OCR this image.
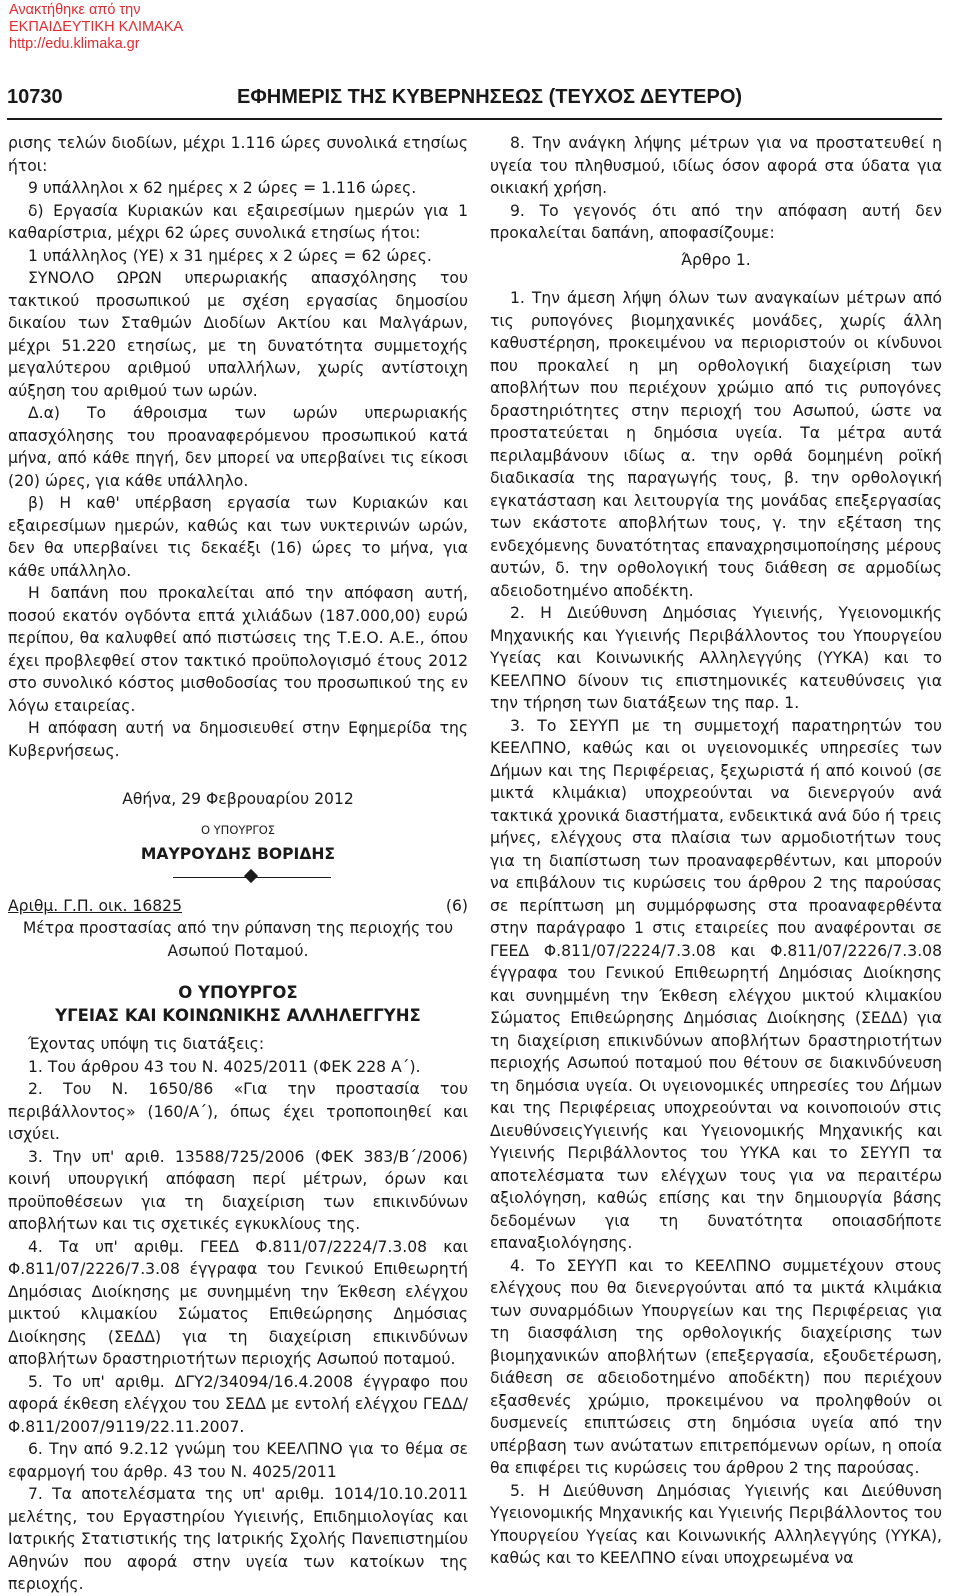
Ανακτήθηκε από την
ΕΚΠΑΙΔΕΥΤΙΚΗ ΚΛΙΜΑΚΑ
http://edu.klimaka.gr
10730	ΕΦΗΜΕΡΙΣ ΤΗΣ ΚΥΒΕΡΝΗΣΕΩΣ (ΤΕΥΧΟΣ ΔΕΥΤΕΡΟ)

ρισης τελών διοδίων, μέχρι 1.116 ώρες συνολικά ετησίως ήτοι:

9 υπάλληλοι x 62 ημέρες x 2 ώρες = 1.116 ώρες.

δ) Εργασία Κυριακών και εξαιρεσίμων ημερών για 1 καθαρίστρια, μέχρι 62 ώρες συνολικά ετησίως ήτοι:

1 υπάλληλος (ΥΕ) x 31 ημέρες x 2 ώρες = 62 ώρες.

ΣΥΝΟΛΟ ΩΡΩΝ υπερωριακής απασχόλησης του τακτικού προσωπικού με σχέση εργασίας δημοσίου δικαίου των Σταθμών Διοδίων Ακτίου και Μαλγάρων, μέχρι 51.220 ετησίως, με τη δυνατότητα συμμετοχής μεγαλύτερου αριθμού υπαλλήλων, χωρίς αντίστοιχη αύξηση του αριθμού των ωρών.

Δ.α) Το άθροισμα των ωρών υπερωριακής απασχόλησης του προαναφερόμενου προσωπικού κατά μήνα, από κάθε πηγή, δεν μπορεί να υπερβαίνει τις είκοσι (20) ώρες, για κάθε υπάλληλο.

β) Η καθ' υπέρβαση εργασία των Κυριακών και εξαιρεσίμων ημερών, καθώς και των νυκτερινών ωρών, δεν θα υπερβαίνει τις δεκαέξι (16) ώρες το μήνα, για κάθε υπάλληλο.

Η δαπάνη που προκαλείται από την απόφαση αυτή, ποσού εκατόν ογδόντα επτά χιλιάδων (187.000,00) ευρώ περίπου, θα καλυφθεί από πιστώσεις της Τ.Ε.Ο. Α.Ε., όπου έχει προβλεφθεί στον τακτικό προϋπολογισμό έτους 2012 στο συνολικό κόστος μισθοδοσίας του προσωπικού της εν λόγω εταιρείας.

Η απόφαση αυτή να δημοσιευθεί στην Εφημερίδα της Κυβερνήσεως.

Αθήνα, 29 Φεβρουαρίου 2012

Ο ΥΠΟΥΡΓΟΣ

ΜΑΥΡΟΥΔΗΣ ΒΟΡΙΔΗΣ

Αριθμ. Γ.Π. οικ. 16825	(6)

Μέτρα προστασίας από την ρύπανση της περιοχής του Ασωπού Ποταμού.

Ο ΥΠΟΥΡΓΟΣ

ΥΓΕΙΑΣ ΚΑΙ ΚΟΙΝΩΝΙΚΗΣ ΑΛΛΗΛΕΓΓΥΗΣ

Έχοντας υπόψη τις διατάξεις:

1. Του άρθρου 43 του Ν. 4025/2011 (ΦΕΚ 228 Α΄).

2. Του Ν. 1650/86 «Για την προστασία του περιβάλλοντος» (160/Α΄), όπως έχει τροποποιηθεί και ισχύει.

3. Την υπ' αριθ. 13588/725/2006 (ΦΕΚ 383/Β΄/2006) κοινή υπουργική απόφαση περί μέτρων, όρων και προϋποθέσεων για τη διαχείριση των επικινδύνων αποβλήτων και τις σχετικές εγκυκλίους της.

4. Τα υπ' αριθμ. ΓΕΕΔ Φ.811/07/2224/7.3.08 και Φ.811/07/2226/7.3.08 έγγραφα του Γενικού Επιθεωρητή Δημόσιας Διοίκησης με συνημμένη την Έκθεση ελέγχου μικτού κλιμακίου Σώματος Επιθεώρησης Δημόσιας Διοίκησης (ΣΕΔΔ) για τη διαχείριση επικινδύνων αποβλήτων δραστηριοτήτων περιοχής Ασωπού ποταμού.

5. Το υπ' αριθμ. ΔΓΥ2/34094/16.4.2008 έγγραφο που αφορά έκθεση ελέγχου του ΣΕΔΔ με εντολή ελέγχου ΓΕΔΔ/Φ.811/2007/9119/22.11.2007.

6. Την από 9.2.12 γνώμη του ΚΕΕΛΠΝΟ για το θέμα σε εφαρμογή του άρθρ. 43 του Ν. 4025/2011

7. Τα αποτελέσματα της υπ' αριθμ. 1014/10.10.2011 μελέτης, του Εργαστηρίου Υγιεινής, Επιδημιολογίας και Ιατρικής Στατιστικής της Ιατρικής Σχολής Πανεπιστημίου Αθηνών που αφορά στην υγεία των κατοίκων της περιοχής.

8. Την ανάγκη λήψης μέτρων για να προστατευθεί η υγεία του πληθυσμού, ιδίως όσον αφορά στα ύδατα για οικιακή χρήση.

9. Το γεγονός ότι από την απόφαση αυτή δεν προκαλείται δαπάνη, αποφασίζουμε:

Άρθρο 1.

1. Την άμεση λήψη όλων των αναγκαίων μέτρων από τις ρυπογόνες βιομηχανικές μονάδες, χωρίς άλλη καθυστέρηση, προκειμένου να περιοριστούν οι κίνδυνοι που προκαλεί η μη ορθολογική διαχείριση των αποβλήτων που περιέχουν χρώμιο από τις ρυπογόνες δραστηριότητες στην περιοχή του Ασωπού, ώστε να προστατεύεται η δημόσια υγεία. Τα μέτρα αυτά περιλαμβάνουν ιδίως α. την ορθά δομημένη ροϊκή διαδικασία της παραγωγής τους, β. την ορθολογική εγκατάσταση και λειτουργία της μονάδας επεξεργασίας των εκάστοτε αποβλήτων τους, γ. την εξέταση της ενδεχόμενης δυνατότητας επαναχρησιμοποίησης μέρους αυτών, δ. την ορθολογική τους διάθεση σε αρμοδίως αδειοδοτημένο αποδέκτη.

2. Η Διεύθυνση Δημόσιας Υγιεινής, Υγειονομικής Μηχανικής και Υγιεινής Περιβάλλοντος του Υπουργείου Υγείας και Κοινωνικής Αλληλεγγύης (ΥΥΚΑ) και το ΚΕΕΛΠΝΟ δίνουν τις επιστημονικές κατευθύνσεις για την τήρηση των διατάξεων της παρ. 1.

3. Το ΣΕΥΥΠ με τη συμμετοχή παρατηρητών του ΚΕΕΛΠΝΟ, καθώς και οι υγειονομικές υπηρεσίες των Δήμων και της Περιφέρειας, ξεχωριστά ή από κοινού (σε μικτά κλιμάκια) υποχρεούνται να διενεργούν ανά τακτικά χρονικά διαστήματα, ενδεικτικά ανά δύο ή τρεις μήνες, ελέγχους στα πλαίσια των αρμοδιοτήτων τους για τη διαπίστωση των προαναφερθέντων, και μπορούν να επιβάλουν τις κυρώσεις του άρθρου 2 της παρούσας σε περίπτωση μη συμμόρφωσης στα προαναφερθέντα στην παράγραφο 1 στις εταιρείες που αναφέρονται σε ΓΕΕΔ Φ.811/07/2224/7.3.08 και Φ.811/07/2226/7.3.08 έγγραφα του Γενικού Επιθεωρητή Δημόσιας Διοίκησης και συνημμένη την Έκθεση ελέγχου μικτού κλιμακίου Σώματος Επιθεώρησης Δημόσιας Διοίκησης (ΣΕΔΔ) για τη διαχείριση επικινδύνων αποβλήτων δραστηριοτήτων περιοχής Ασωπού ποταμού που θέτουν σε διακινδύνευση τη δημόσια υγεία. Οι υγειονομικές υπηρεσίες του Δήμων και της Περιφέρειας υποχρεούνται να κοινοποιούν στις ΔιευθύνσειςΥγιεινής και Υγειονομικής Μηχανικής και Υγιεινής Περιβάλλοντος του ΥΥΚΑ και το ΣΕΥΥΠ τα αποτελέσματα των ελέγχων τους για να περαιτέρω αξιολόγηση, καθώς επίσης και την δημιουργία βάσης δεδομένων για τη δυνατότητα οποιασδήποτε επαναξιολόγησης.

4. Το ΣΕΥΥΠ και το ΚΕΕΛΠΝΟ συμμετέχουν στους ελέγχους που θα διενεργούνται από τα μικτά κλιμάκια των συναρμόδιων Υπουργείων και της Περιφέρειας για τη διασφάλιση της ορθολογικής διαχείρισης των βιομηχανικών αποβλήτων (επεξεργασία, εξουδετέρωση, διάθεση σε αδειοδοτημένο αποδέκτη) που περιέχουν εξασθενές χρώμιο, προκειμένου να προληφθούν οι δυσμενείς επιπτώσεις στη δημόσια υγεία από την υπέρβαση των ανώτατων επιτρεπόμενων ορίων, η οποία θα επιφέρει τις κυρώσεις του άρθρου 2 της παρούσας.

5. Η Διεύθυνση Δημόσιας Υγιεινής και Διεύθυνση Υγειονομικής Μηχανικής και Υγιεινής Περιβάλλοντος του Υπουργείου Υγείας και Κοινωνικής Αλληλεγγύης (ΥΥΚΑ), καθώς και το ΚΕΕΛΠΝΟ είναι υποχρεωμένα να
